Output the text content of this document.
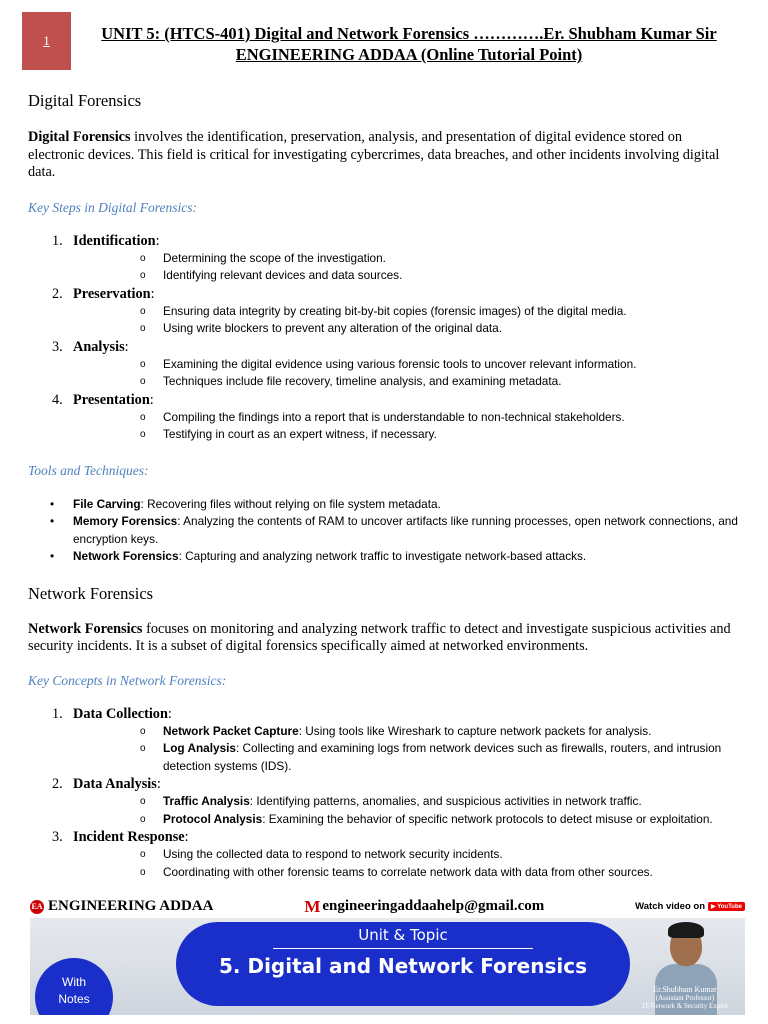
1	UNIT 5: (HTCS-401) Digital and Network Forensics ………….Er. Shubham Kumar Sir
ENGINEERING ADDAA (Online Tutorial Point)
Digital Forensics

Digital Forensics involves the identification, preservation, analysis, and presentation of digital evidence stored on electronic devices. This field is critical for investigating cybercrimes, data breaches, and other incidents involving digital data.

Key Steps in Digital Forensics:
1. Identification:
o Determining the scope of the investigation.
o Identifying relevant devices and data sources.
2. Preservation:
o Ensuring data integrity by creating bit-by-bit copies (forensic images) of the digital media.
o Using write blockers to prevent any alteration of the original data.
3. Analysis:
o Examining the digital evidence using various forensic tools to uncover relevant information.
o Techniques include file recovery, timeline analysis, and examining metadata.
4. Presentation:
o Compiling the findings into a report that is understandable to non-technical stakeholders.
o Testifying in court as an expert witness, if necessary.
Tools and Techniques:
• File Carving: Recovering files without relying on file system metadata.
• Memory Forensics: Analyzing the contents of RAM to uncover artifacts like running processes, open network connections, and encryption keys.
• Network Forensics: Capturing and analyzing network traffic to investigate network-based attacks.
Network Forensics

Network Forensics focuses on monitoring and analyzing network traffic to detect and investigate suspicious activities and security incidents. It is a subset of digital forensics specifically aimed at networked environments.

Key Concepts in Network Forensics:
1. Data Collection:
o Network Packet Capture: Using tools like Wireshark to capture network packets for analysis.
o Log Analysis: Collecting and examining logs from network devices such as firewalls, routers, and intrusion detection systems (IDS).
2. Data Analysis:
o Traffic Analysis: Identifying patterns, anomalies, and suspicious activities in network traffic.
o Protocol Analysis: Examining the behavior of specific network protocols to detect misuse or exploitation.
3. Incident Response:
o Using the collected data to respond to network security incidents.
o Coordinating with other forensic teams to correlate network data with data from other sources.
EA ENGINEERING ADDAA	M engineeringaddaahelp@gmail.com	Watch video on	▶ YouTube
With
Notes
Unit & Topic
5. Digital and Network Forensics
Er.Shubham Kumar
(Assistant Professor)
IT-Network & Security Expert
